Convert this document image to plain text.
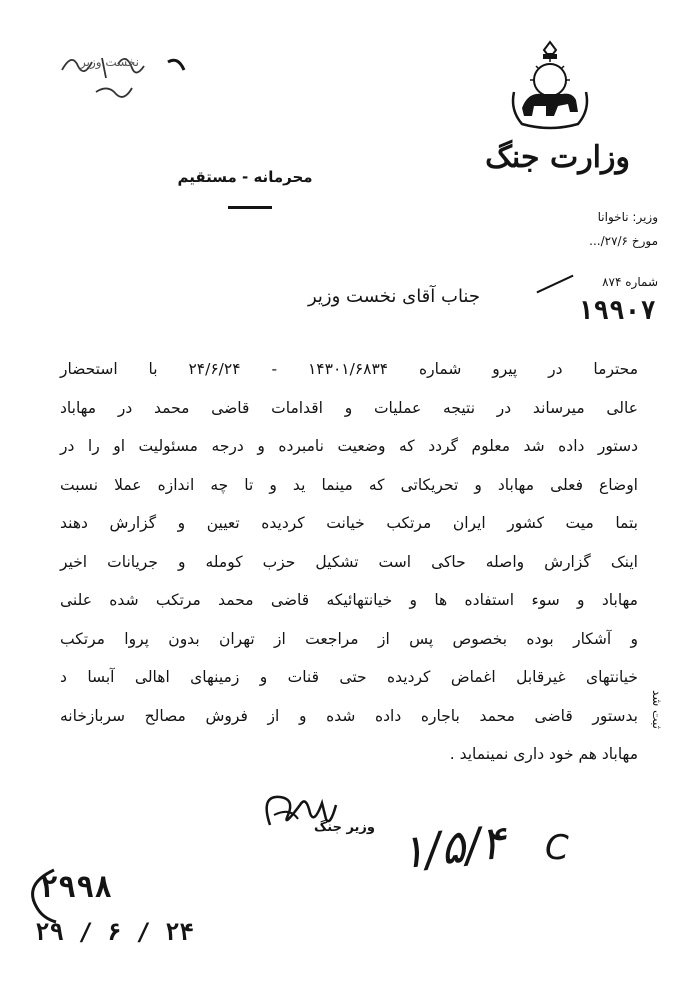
وزارت جنگ
محرمانه - مستقیم
وزیر: ناخوانا
مورخ ۲۷/۶/...
شماره ۸۷۴
۱۹۹۰۷
جناب آقای نخست وزیر
محترما در پیرو شماره ۱۴۳۰۱/۶۸۳۴ - ۲۴/۶/۲۴ با استحضار
عالی میرساند در نتیجه عملیات و اقدامات قاضی محمد در مهاباد
دستور داده شد معلوم گردد که وضعیت نامبرده و درجه مسئولیت او را در
اوضاع فعلی مهاباد و تحریکاتی که مینما ید و تا چه اندازه عملا نسبت
بتما میت کشور ایران مرتکب خیانت کردیده تعیین و گزارش دهند
اینک گزارش واصله حاکی است تشکیل حزب کومله و جریانات اخیر
مهاباد و سوء استفاده ها و خیانتهائیکه قاضی محمد مرتکب شده علنی
و آشکار بوده بخصوص پس از مراجعت از تهران بدون پروا مرتکب
خیانتهای غیرقابل اغماض کردیده حتی قنات و زمینهای اهالی آبسا د
بدستور قاضی محمد باجاره داده شده و از فروش مصالح سربازخانه
مهاباد هم خود داری نمینماید .
وزیر جنگ
نخست وزیر
۱/۵/۴ C
ثبت شد
۲۹۹۸
۲۹ / ۶ / ۲۴
